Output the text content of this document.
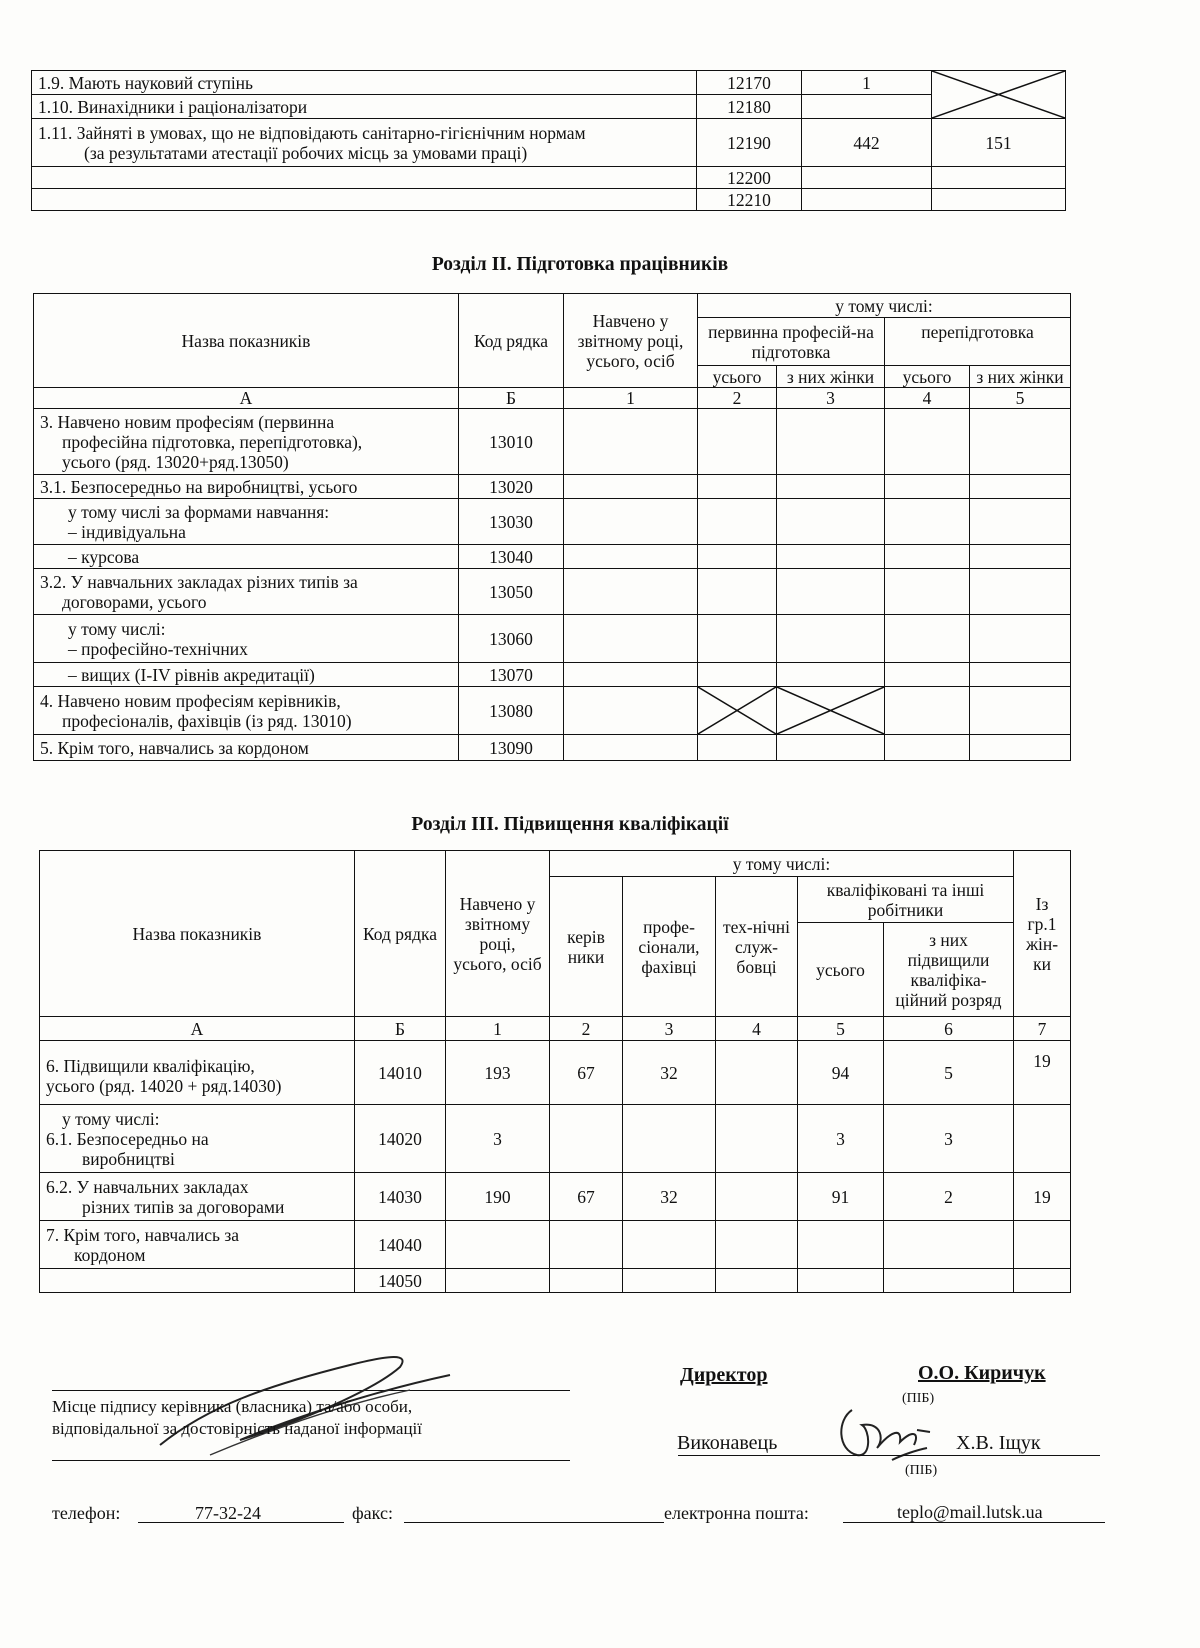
1.9. Мають науковий ступінь	12170	1	

1.10. Винахідники і раціоналізатори	12180		

1.11. Зайняті в умовах, що не відповідають санітарно-гігієнічним нормам
(за результатами атестації робочих місць за умовами праці)	12190	442	151
	12200		
	12210		
Розділ ІІ. Підготовка працівників
Назва показників	Код рядка	Навчено у звітному році, усього, осіб	у тому числі:			
			первинна професій-на підготовка		перепідготовка	
			усього	з них жінки	усього	з них жінки
А	Б	1	2	3	4	5

3. Навчено новим професіям (первинна
професійна підготовка, перепідготовка),
усього (ряд. 13020+ряд.13050)	13010					
3.1. Безпосередньо на виробництві, усього	13020					

у тому числі за формами навчання:
– індивідуальна	13030					
– курсова	13040					

3.2. У навчальних закладах різних типів за
договорами, усього	13050					

у тому числі:
– професійно-технічних	13060					
– вищих (І-IV рівнів акредитації)	13070					

4. Навчено новим професіям керівників,
професіоналів, фахівців (із ряд. 13010)	13080		

5. Крім того, навчались за кордоном	13090					
Розділ ІІІ. Підвищення кваліфікації
Назва показників	Код рядка	Навчено у звітному році, усього, осіб	у тому числі:					Із гр.1 жін-ки
			керів ники	профе-сіонали, фахівці	тех-нічні служ-бовці	кваліфіковані та інші робітники		
						усього	з них підвищили кваліфіка-ційний розряд	
А	Б	1	2	3	4	5	6	7

6. Підвищили кваліфікацію,
усього (ряд. 14020 + ряд.14030)	14010	193	67	32		94	5	19

у тому числі:
6.1. Безпосередньо на
виробництві	14020	3				3	3	

6.2. У навчальних закладах
різних типів за договорами	14030	190	67	32		91	2	19

7. Крім того, навчались за
кордоном	14040							
	14050							
Директор	О.О. Киричук
(ПІБ)
Місце підпису керівника (власника) та/або особи,
відповідальної за достовірність наданої інформації
Виконавець	Х.В. Іщук
(ПІБ)
телефон:	77-32-24	факс:	електронна пошта:	teplo@mail.lutsk.ua
